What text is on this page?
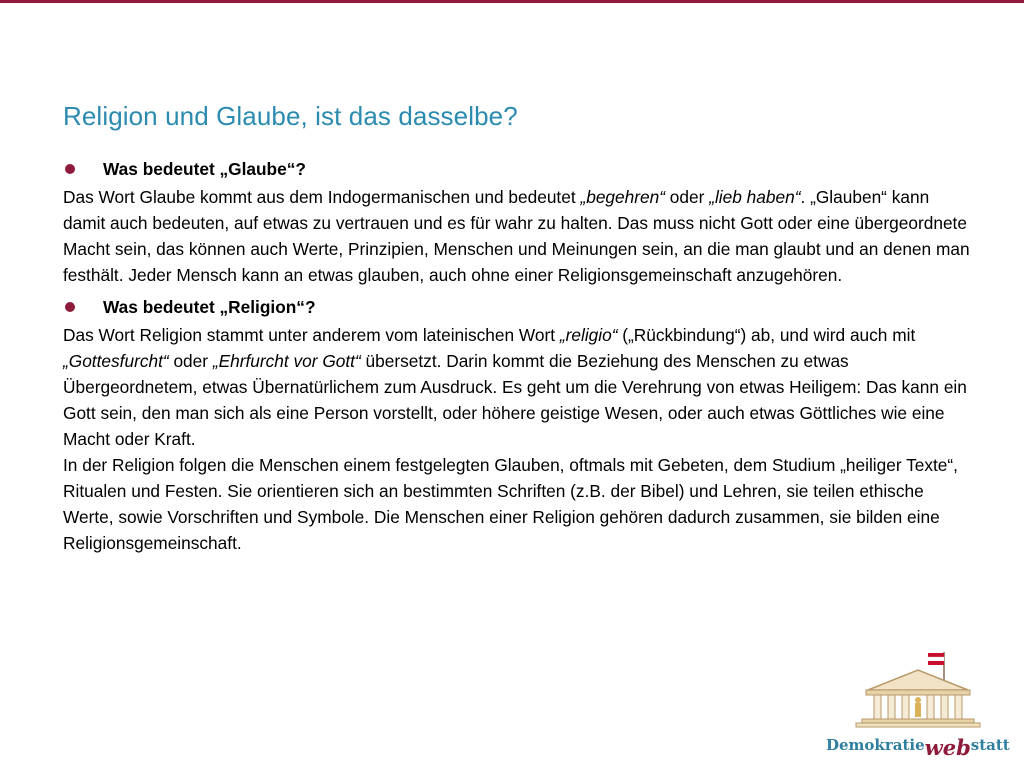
Religion und Glaube, ist das dasselbe?
Was bedeutet „Glaube“?

Das Wort Glaube kommt aus dem Indogermanischen und bedeutet „begehren“ oder „lieb haben“. „Glauben“ kann damit auch bedeuten, auf etwas zu vertrauen und es für wahr zu halten. Das muss nicht Gott oder eine übergeordnete Macht sein, das können auch Werte, Prinzipien, Menschen und Meinungen sein, an die man glaubt und an denen man festhält. Jeder Mensch kann an etwas glauben, auch ohne einer Religionsgemeinschaft anzugehören.

Was bedeutet „Religion“?

Das Wort Religion stammt unter anderem vom lateinischen Wort „religio“ („Rückbindung“) ab, und wird auch mit „Gottesfurcht“ oder „Ehrfurcht vor Gott“ übersetzt. Darin kommt die Beziehung des Menschen zu etwas Übergeordnetem, etwas Übernatürlichem zum Ausdruck. Es geht um die Verehrung von etwas Heiligem: Das kann ein Gott sein, den man sich als eine Person vorstellt, oder höhere geistige Wesen, oder auch etwas Göttliches wie eine Macht oder Kraft.

In der Religion folgen die Menschen einem festgelegten Glauben, oftmals mit Gebeten, dem Studium „heiliger Texte“, Ritualen und Festen. Sie orientieren sich an bestimmten Schriften (z.B. der Bibel) und Lehren, sie teilen ethische Werte, sowie Vorschriften und Symbole. Die Menschen einer Religion gehören dadurch zusammen, sie bilden eine Religionsgemeinschaft.

Demokratiewebstatt
